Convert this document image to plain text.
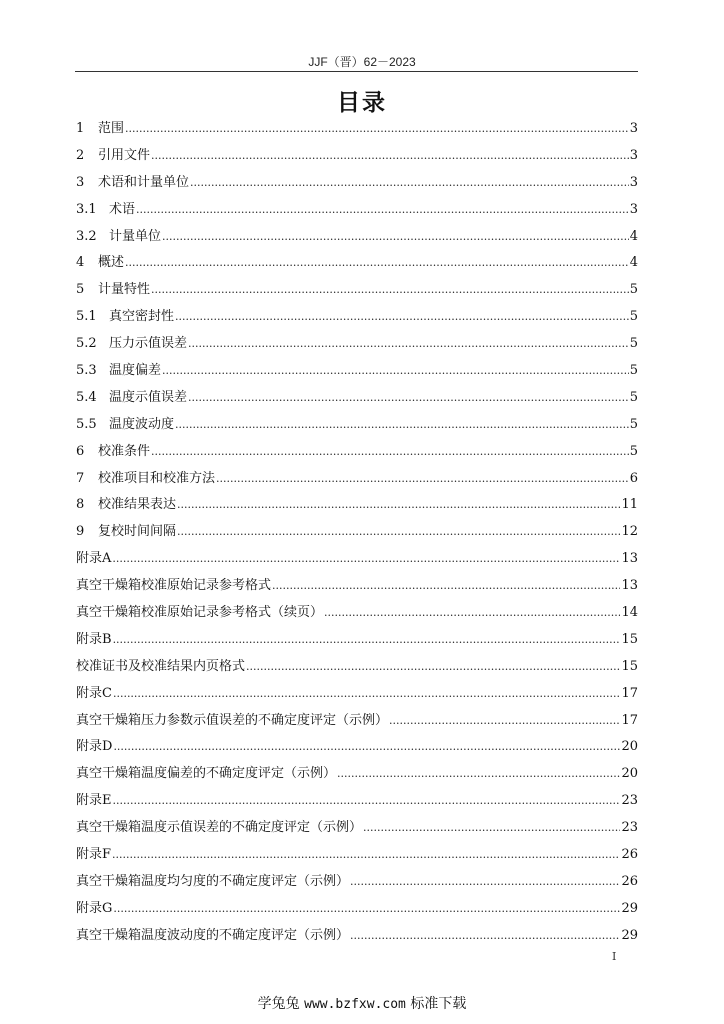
JJF（晋）62－2023
目录
1	范围 .....	3
2	引用文件 .....	3
3	术语和计量单位 .....	3
3.1 术语 .....	3
3.2 计量单位 .....	4
4	概述 .....	4
5	计量特性 .....	5
5.1 真空密封性 .....	5
5.2 压力示值误差 .....	5
5.3 温度偏差 .....	5
5.4 温度示值误差 .....	5
5.5 温度波动度 .....	5
6	校准条件 .....	5
7	校准项目和校准方法 .....	6
8	校准结果表达 .....	11
9	复校时间间隔 .....	12
附录A .....	13
真空干燥箱校准原始记录参考格式 .....	13
真空干燥箱校准原始记录参考格式（续页） .....	14
附录B .....	15
校准证书及校准结果内页格式 .....	15
附录C .....	17
真空干燥箱压力参数示值误差的不确定度评定（示例） .....	17
附录D .....	20
真空干燥箱温度偏差的不确定度评定（示例） .....	20
附录E .....	23
真空干燥箱温度示值误差的不确定度评定（示例） .....	23
附录F .....	26
真空干燥箱温度均匀度的不确定度评定（示例） .....	26
附录G .....	29
真空干燥箱温度波动度的不确定度评定（示例） .....	29
I
学兔兔 www.bzfxw.com 标准下载
